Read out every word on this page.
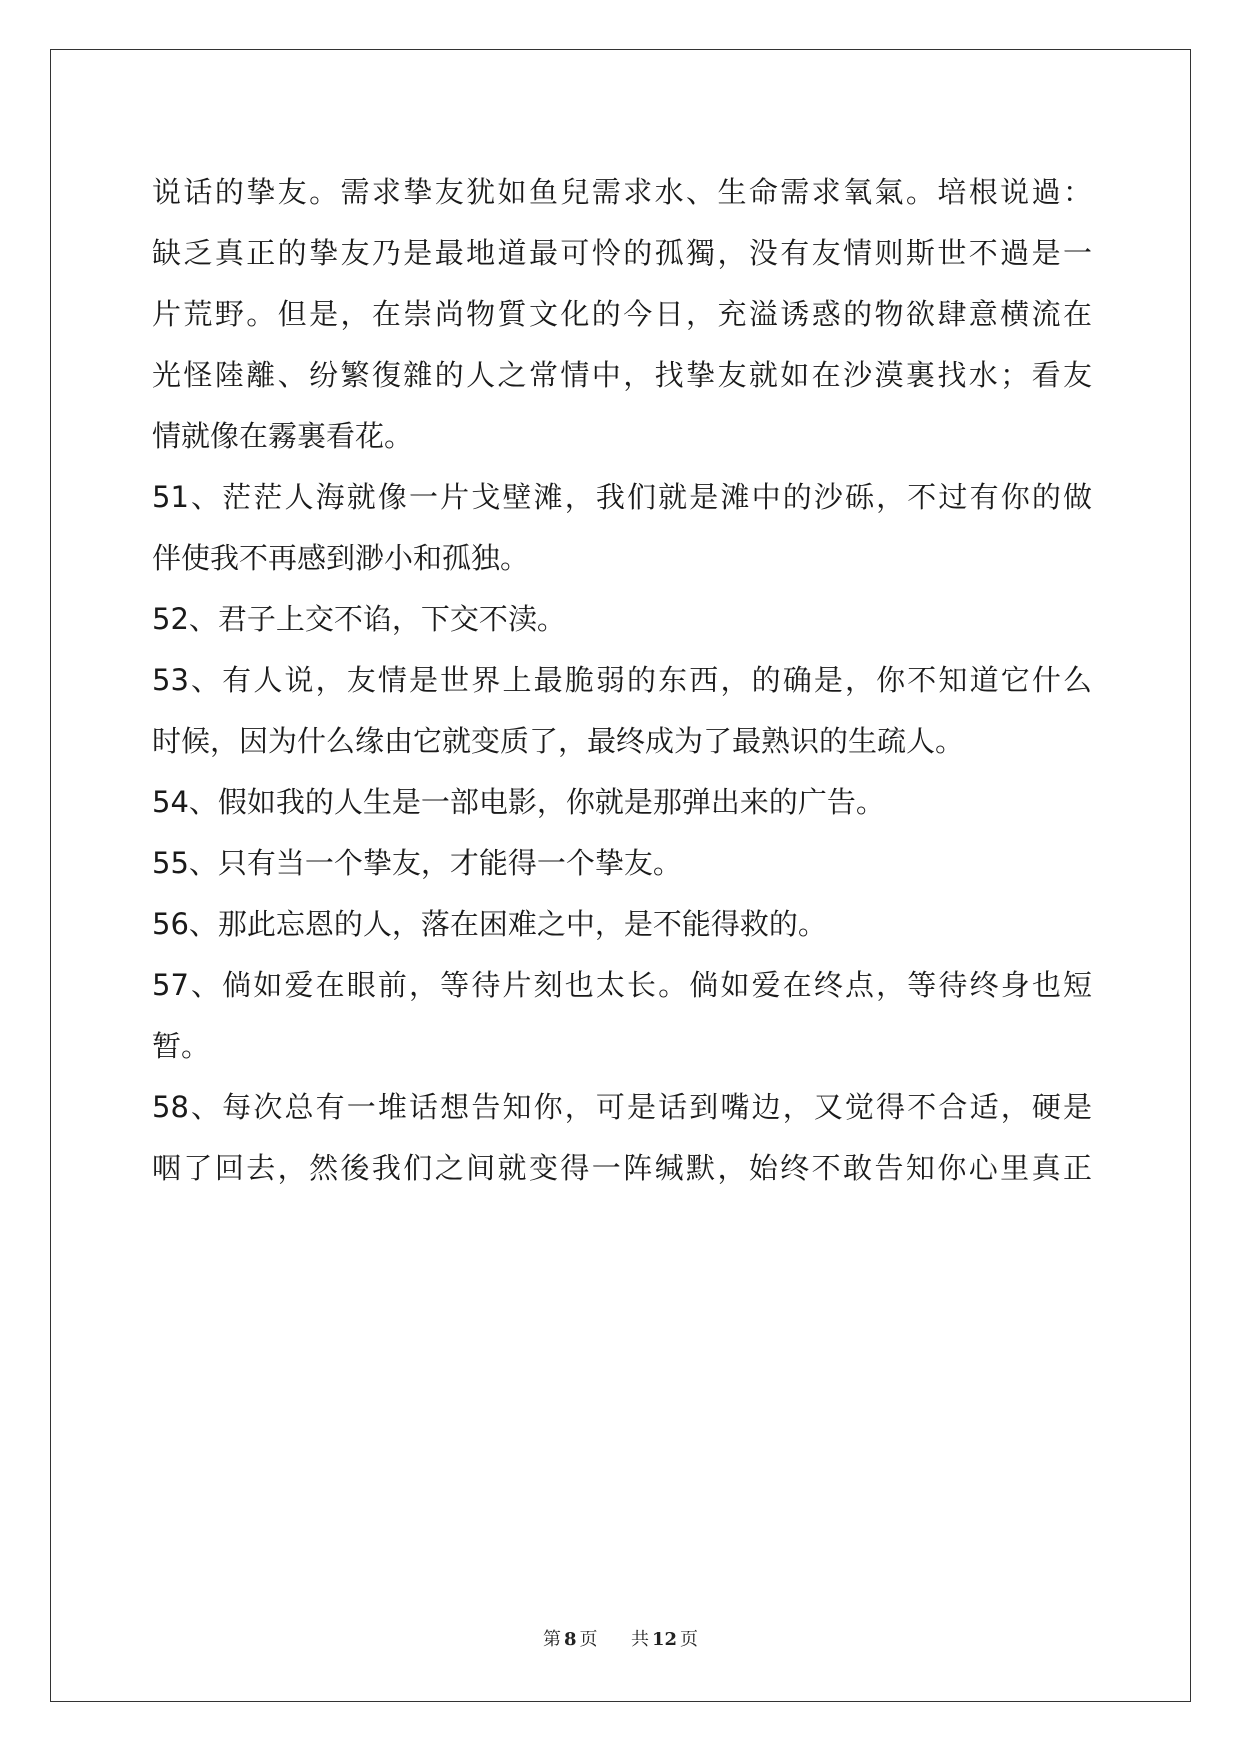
说话的挚友。需求挚友犹如鱼兒需求水、生命需求氧氣。培根说過：
缺乏真正的挚友乃是最地道最可怜的孤獨，没有友情则斯世不過是一
片荒野。但是，在崇尚物質文化的今日，充溢诱惑的物欲肆意横流在
光怪陸離、纷繁復雜的人之常情中，找挚友就如在沙漠裏找水；看友
情就像在霧裏看花。
51、茫茫人海就像一片戈壁滩，我们就是滩中的沙砾，不过有你的做
伴使我不再感到渺小和孤独。
52、君子上交不谄，下交不渎。
53、有人说，友情是世界上最脆弱的东西，的确是，你不知道它什么
时候，因为什么缘由它就变质了，最终成为了最熟识的生疏人。
54、假如我的人生是一部电影，你就是那弹出来的广告。
55、只有当一个挚友，才能得一个挚友。
56、那此忘恩的人，落在困难之中，是不能得救的。
57、倘如爱在眼前，等待片刻也太长。倘如爱在终点，等待终身也短
暂。
58、每次总有一堆话想告知你，可是话到嘴边，又觉得不合适，硬是
咽了回去，然後我们之间就变得一阵缄默，始终不敢告知你心里真正
第 8 页 共 12 页
